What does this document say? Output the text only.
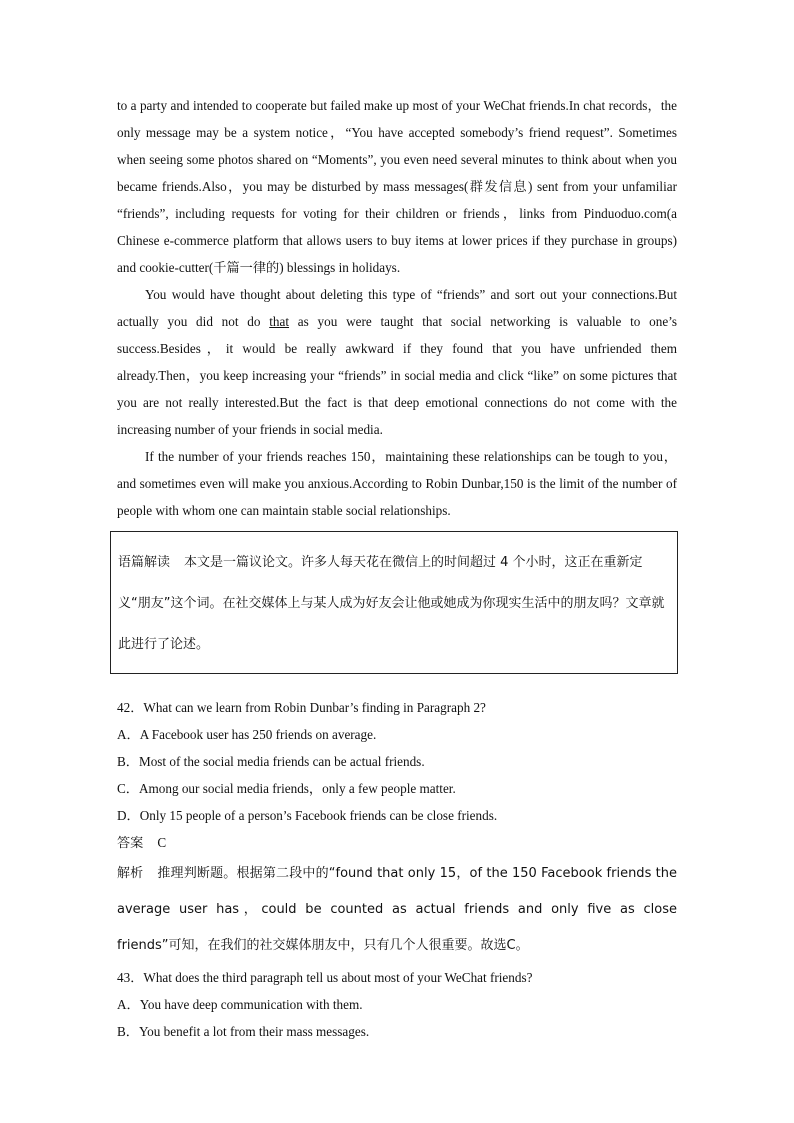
to a party and intended to cooperate but failed make up most of your WeChat friends.In chat records，the only message may be a system notice，“You have accepted somebody’s friend request”. Sometimes when seeing some photos shared on “Moments”, you even need several minutes to think about when you became friends.Also，you may be disturbed by mass messages(群发信息) sent from your unfamiliar “friends”, including requests for voting for their children or friends，links from Pinduoduo.com(a Chinese e-commerce platform that allows users to buy items at lower prices if they purchase in groups) and cookie-cutter(千篇一律的) blessings in holidays.

You would have thought about deleting this type of “friends” and sort out your connections.But actually you did not do that as you were taught that social networking is valuable to one’s success.Besides，it would be really awkward if they found that you have unfriended them already.Then，you keep increasing your “friends” in social media and click “like” on some pictures that you are not really interested.But the fact is that deep emotional connections do not come with the increasing number of your friends in social media.

If the number of your friends reaches 150，maintaining these relationships can be tough to you，and sometimes even will make you anxious.According to Robin Dunbar,150 is the limit of the number of people with whom one can maintain stable social relationships.

语篇解读 本文是一篇议论文。许多人每天花在微信上的时间超过 4 个小时，这正在重新定义“朋友”这个词。在社交媒体上与某人成为好友会让他或她成为你现实生活中的朋友吗？文章就此进行了论述。

42．What can we learn from Robin Dunbar’s finding in Paragraph 2?

A．A Facebook user has 250 friends on average.

B．Most of the social media friends can be actual friends.

C．Among our social media friends，only a few people matter.

D．Only 15 people of a person’s Facebook friends can be close friends.

答案 C

解析 推理判断题。根据第二段中的“found that only 15，of the 150 Facebook friends the average user has，could be counted as actual friends and only five as close friends”可知，在我们的社交媒体朋友中，只有几个人很重要。故选C。

43．What does the third paragraph tell us about most of your WeChat friends?

A．You have deep communication with them.

B．You benefit a lot from their mass messages.
